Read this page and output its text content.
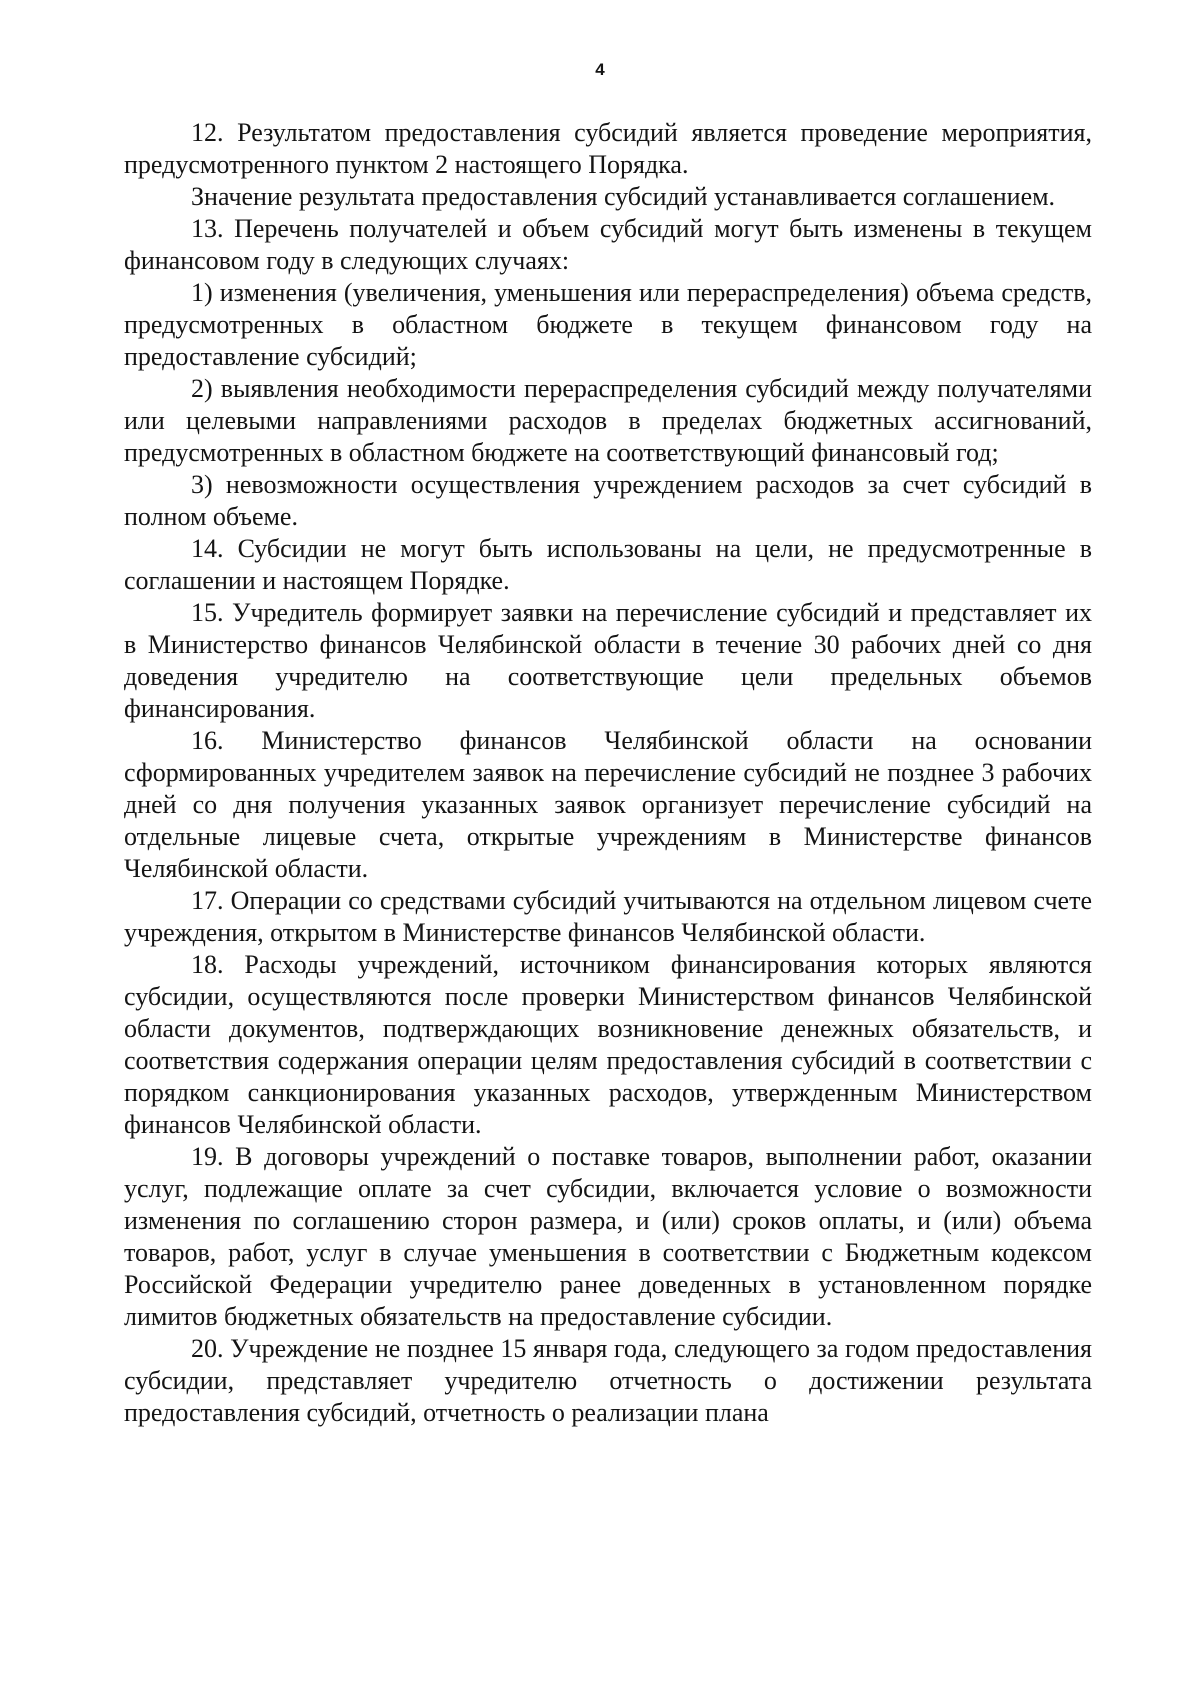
4

12. Результатом предоставления субсидий является проведение мероприятия, предусмотренного пунктом 2 настоящего Порядка.

Значение результата предоставления субсидий устанавливается соглашением.

13. Перечень получателей и объем субсидий могут быть изменены в текущем финансовом году в следующих случаях:

1) изменения (увеличения, уменьшения или перераспределения) объема средств, предусмотренных в областном бюджете в текущем финансовом году на предоставление субсидий;

2) выявления необходимости перераспределения субсидий между получателями или целевыми направлениями расходов в пределах бюджетных ассигнований, предусмотренных в областном бюджете на соответствующий финансовый год;

3) невозможности осуществления учреждением расходов за счет субсидий в полном объеме.

14. Субсидии не могут быть использованы на цели, не предусмотренные в соглашении и настоящем Порядке.

15. Учредитель формирует заявки на перечисление субсидий и представляет их в Министерство финансов Челябинской области в течение 30 рабочих дней со дня доведения учредителю на соответствующие цели предельных объемов финансирования.

16. Министерство финансов Челябинской области на основании сформированных учредителем заявок на перечисление субсидий не позднее 3 рабочих дней со дня получения указанных заявок организует перечисление субсидий на отдельные лицевые счета, открытые учреждениям в Министерстве финансов Челябинской области.

17. Операции со средствами субсидий учитываются на отдельном лицевом счете учреждения, открытом в Министерстве финансов Челябинской области.

18. Расходы учреждений, источником финансирования которых являются субсидии, осуществляются после проверки Министерством финансов Челябинской области документов, подтверждающих возникновение денежных обязательств, и соответствия содержания операции целям предоставления субсидий в соответствии с порядком санкционирования указанных расходов, утвержденным Министерством финансов Челябинской области.

19. В договоры учреждений о поставке товаров, выполнении работ, оказании услуг, подлежащие оплате за счет субсидии, включается условие о возможности изменения по соглашению сторон размера, и (или) сроков оплаты, и (или) объема товаров, работ, услуг в случае уменьшения в соответствии с Бюджетным кодексом Российской Федерации учредителю ранее доведенных в установленном порядке лимитов бюджетных обязательств на предоставление субсидии.

20. Учреждение не позднее 15 января года, следующего за годом предоставления субсидии, представляет учредителю отчетность о достижении результата предоставления субсидий, отчетность о реализации плана
